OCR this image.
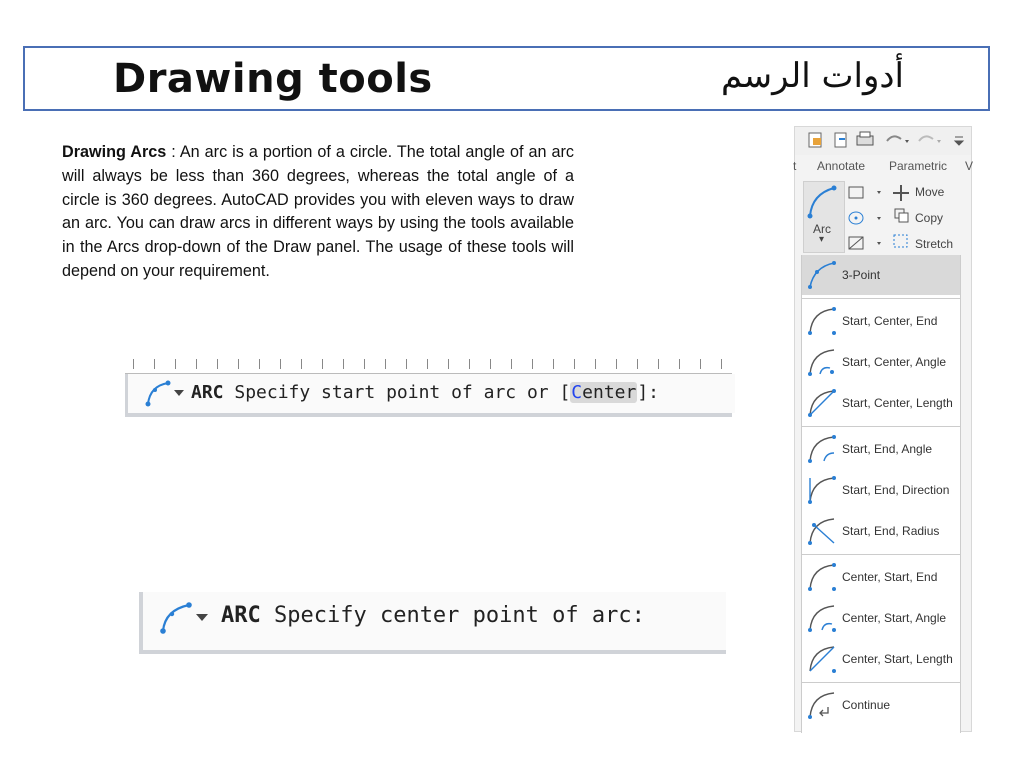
Drawing tools	أدوات الرسم
Drawing Arcs : An arc is a portion of a circle. The total angle of an arc will always be less than 360 degrees, whereas the total angle of a circle is 360 degrees. AutoCAD provides you with eleven ways to draw an arc. You can draw arcs in different ways by using the tools available in the Arcs drop-down of the Draw panel. The usage of these tools will depend on your requirement.
ARC Specify start point of arc or [Center]:
ARC Specify center point of arc:
t Annotate Parametric V
Arc
▾
Move
Copy
Stretch
3-Point
Start, Center, End
Start, Center, Angle
Start, Center, Length
Start, End, Angle
Start, End, Direction
Start, End, Radius
Center, Start, End
Center, Start, Angle
Center, Start, Length
Continue
